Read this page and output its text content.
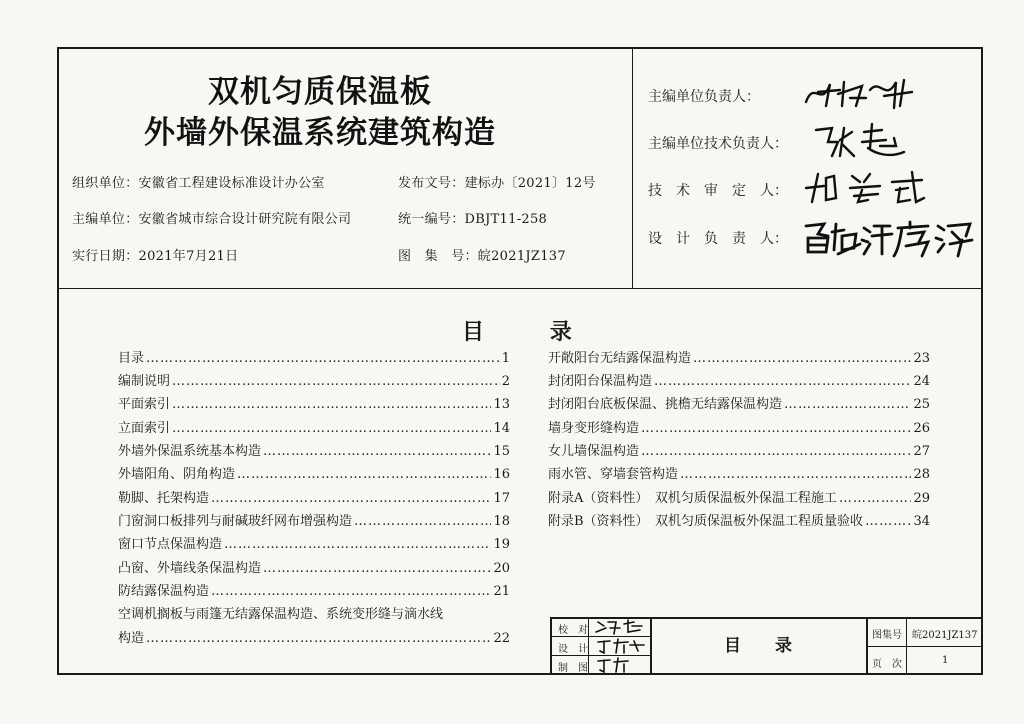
双机匀质保温板
外墙外保温系统建筑构造
组织单位：安徽省工程建设标准设计办公室
主编单位：安徽省城市综合设计研究院有限公司
实行日期：2021年7月21日
发布文号：建标办〔2021〕12号
统一编号：DBJT11-258
图　集　号：皖2021JZ137
主编单位负责人：
主编单位技术负责人：
技　术　审　定　人：
设　计　负　责　人：
目	录
目录 …………………………………………………………………………………………………………………………………………………………………………………	1
编制说明 …………………………………………………………………………………………………………………………………………………………………………………	2
平面索引 …………………………………………………………………………………………………………………………………………………………………………………	13
立面索引 …………………………………………………………………………………………………………………………………………………………………………………	14
外墙外保温系统基本构造 …………………………………………………………………………………………………………………………………………………………………………………	15
外墙阳角、阴角构造 …………………………………………………………………………………………………………………………………………………………………………………	16
勒脚、托架构造 …………………………………………………………………………………………………………………………………………………………………………………	17
门窗洞口板排列与耐碱玻纤网布增强构造 …………………………………………………………………………………………………………………………………………………………………………………	18
窗口节点保温构造 …………………………………………………………………………………………………………………………………………………………………………………	19
凸窗、外墙线条保温构造 …………………………………………………………………………………………………………………………………………………………………………………	20
防结露保温构造 …………………………………………………………………………………………………………………………………………………………………………………	21
空调机搁板与雨篷无结露保温构造、系统变形缝与滴水线
构造 …………………………………………………………………………………………………………………………………………………………………………………	22
开敞阳台无结露保温构造 …………………………………………………………………………………………………………………………………………………………………………………	23
封闭阳台保温构造 …………………………………………………………………………………………………………………………………………………………………………………	24
封闭阳台底板保温、挑檐无结露保温构造 …………………………………………………………………………………………………………………………………………………………………………………	25
墙身变形缝构造 …………………………………………………………………………………………………………………………………………………………………………………	26
女儿墙保温构造 …………………………………………………………………………………………………………………………………………………………………………………	27
雨水管、穿墙套管构造 …………………………………………………………………………………………………………………………………………………………………………………	28
附录A（资料性）　双机匀质保温板外保温工程施工 …………………………………………………………………………………………………………………………………………………………………………………	29
附录B（资料性）　双机匀质保温板外保温工程质量验收 …………………………………………………………………………………………………………………………………………………………………………………	34
校　对
设　计
制　图
目　　录
图集号 皖2021JZ137
页　次	1
